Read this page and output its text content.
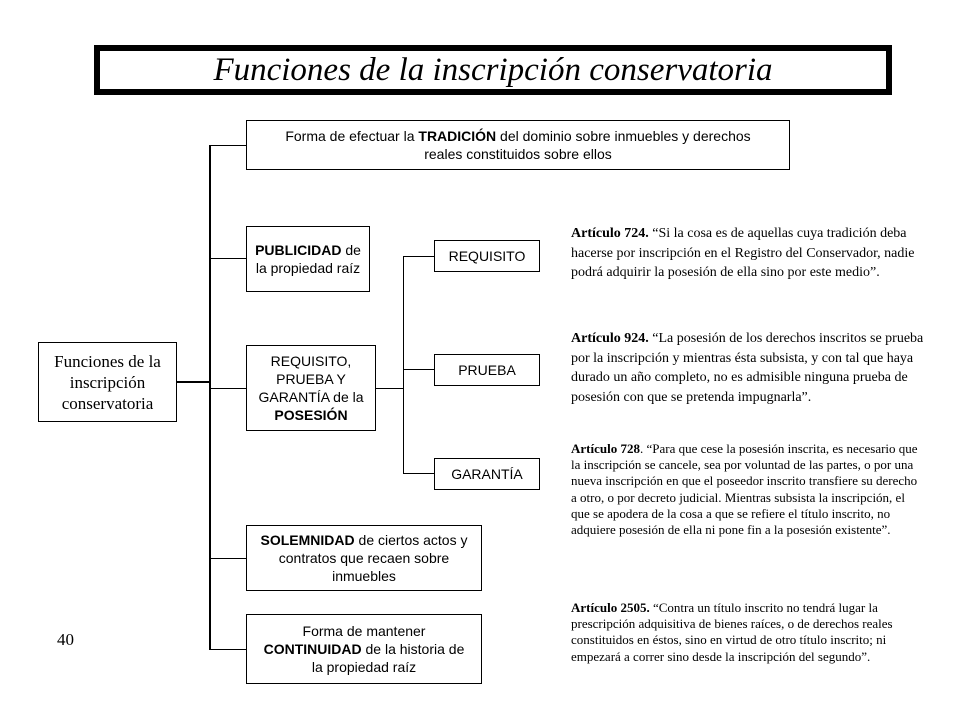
Funciones de la inscripción conservatoria
Funciones de la inscripción conservatoria
Forma de efectuar la TRADICIÓN del dominio sobre inmuebles y derechos reales constituidos sobre ellos
PUBLICIDAD de la propiedad raíz
REQUISITO, PRUEBA Y GARANTÍA de la POSESIÓN
SOLEMNIDAD de ciertos actos y contratos que recaen sobre inmuebles
Forma de mantener CONTINUIDAD de la historia de la propiedad raíz
REQUISITO
PRUEBA
GARANTÍA

Artículo 724. “Si la cosa es de aquellas cuya tradición deba hacerse por inscripción en el Registro del Conservador, nadie podrá adquirir la posesión de ella sino por este medio”.

Artículo 924. “La posesión de los derechos inscritos se prueba por la inscripción y mientras ésta subsista, y con tal que haya durado un año completo, no es admisible ninguna prueba de posesión con que se pretenda impugnarla”.

Artículo 728. “Para que cese la posesión inscrita, es necesario que la inscripción se cancele, sea por voluntad de las partes, o por una nueva inscripción en que el poseedor inscrito transfiere su derecho a otro, o por decreto judicial. Mientras subsista la inscripción, el que se apodera de la cosa a que se refiere el título inscrito, no adquiere posesión de ella ni pone fin a la posesión existente”.

Artículo 2505. “Contra un título inscrito no tendrá lugar la prescripción adquisitiva de bienes raíces, o de derechos reales constituidos en éstos, sino en virtud de otro título inscrito; ni empezará a correr sino desde la inscripción del segundo”.

40
